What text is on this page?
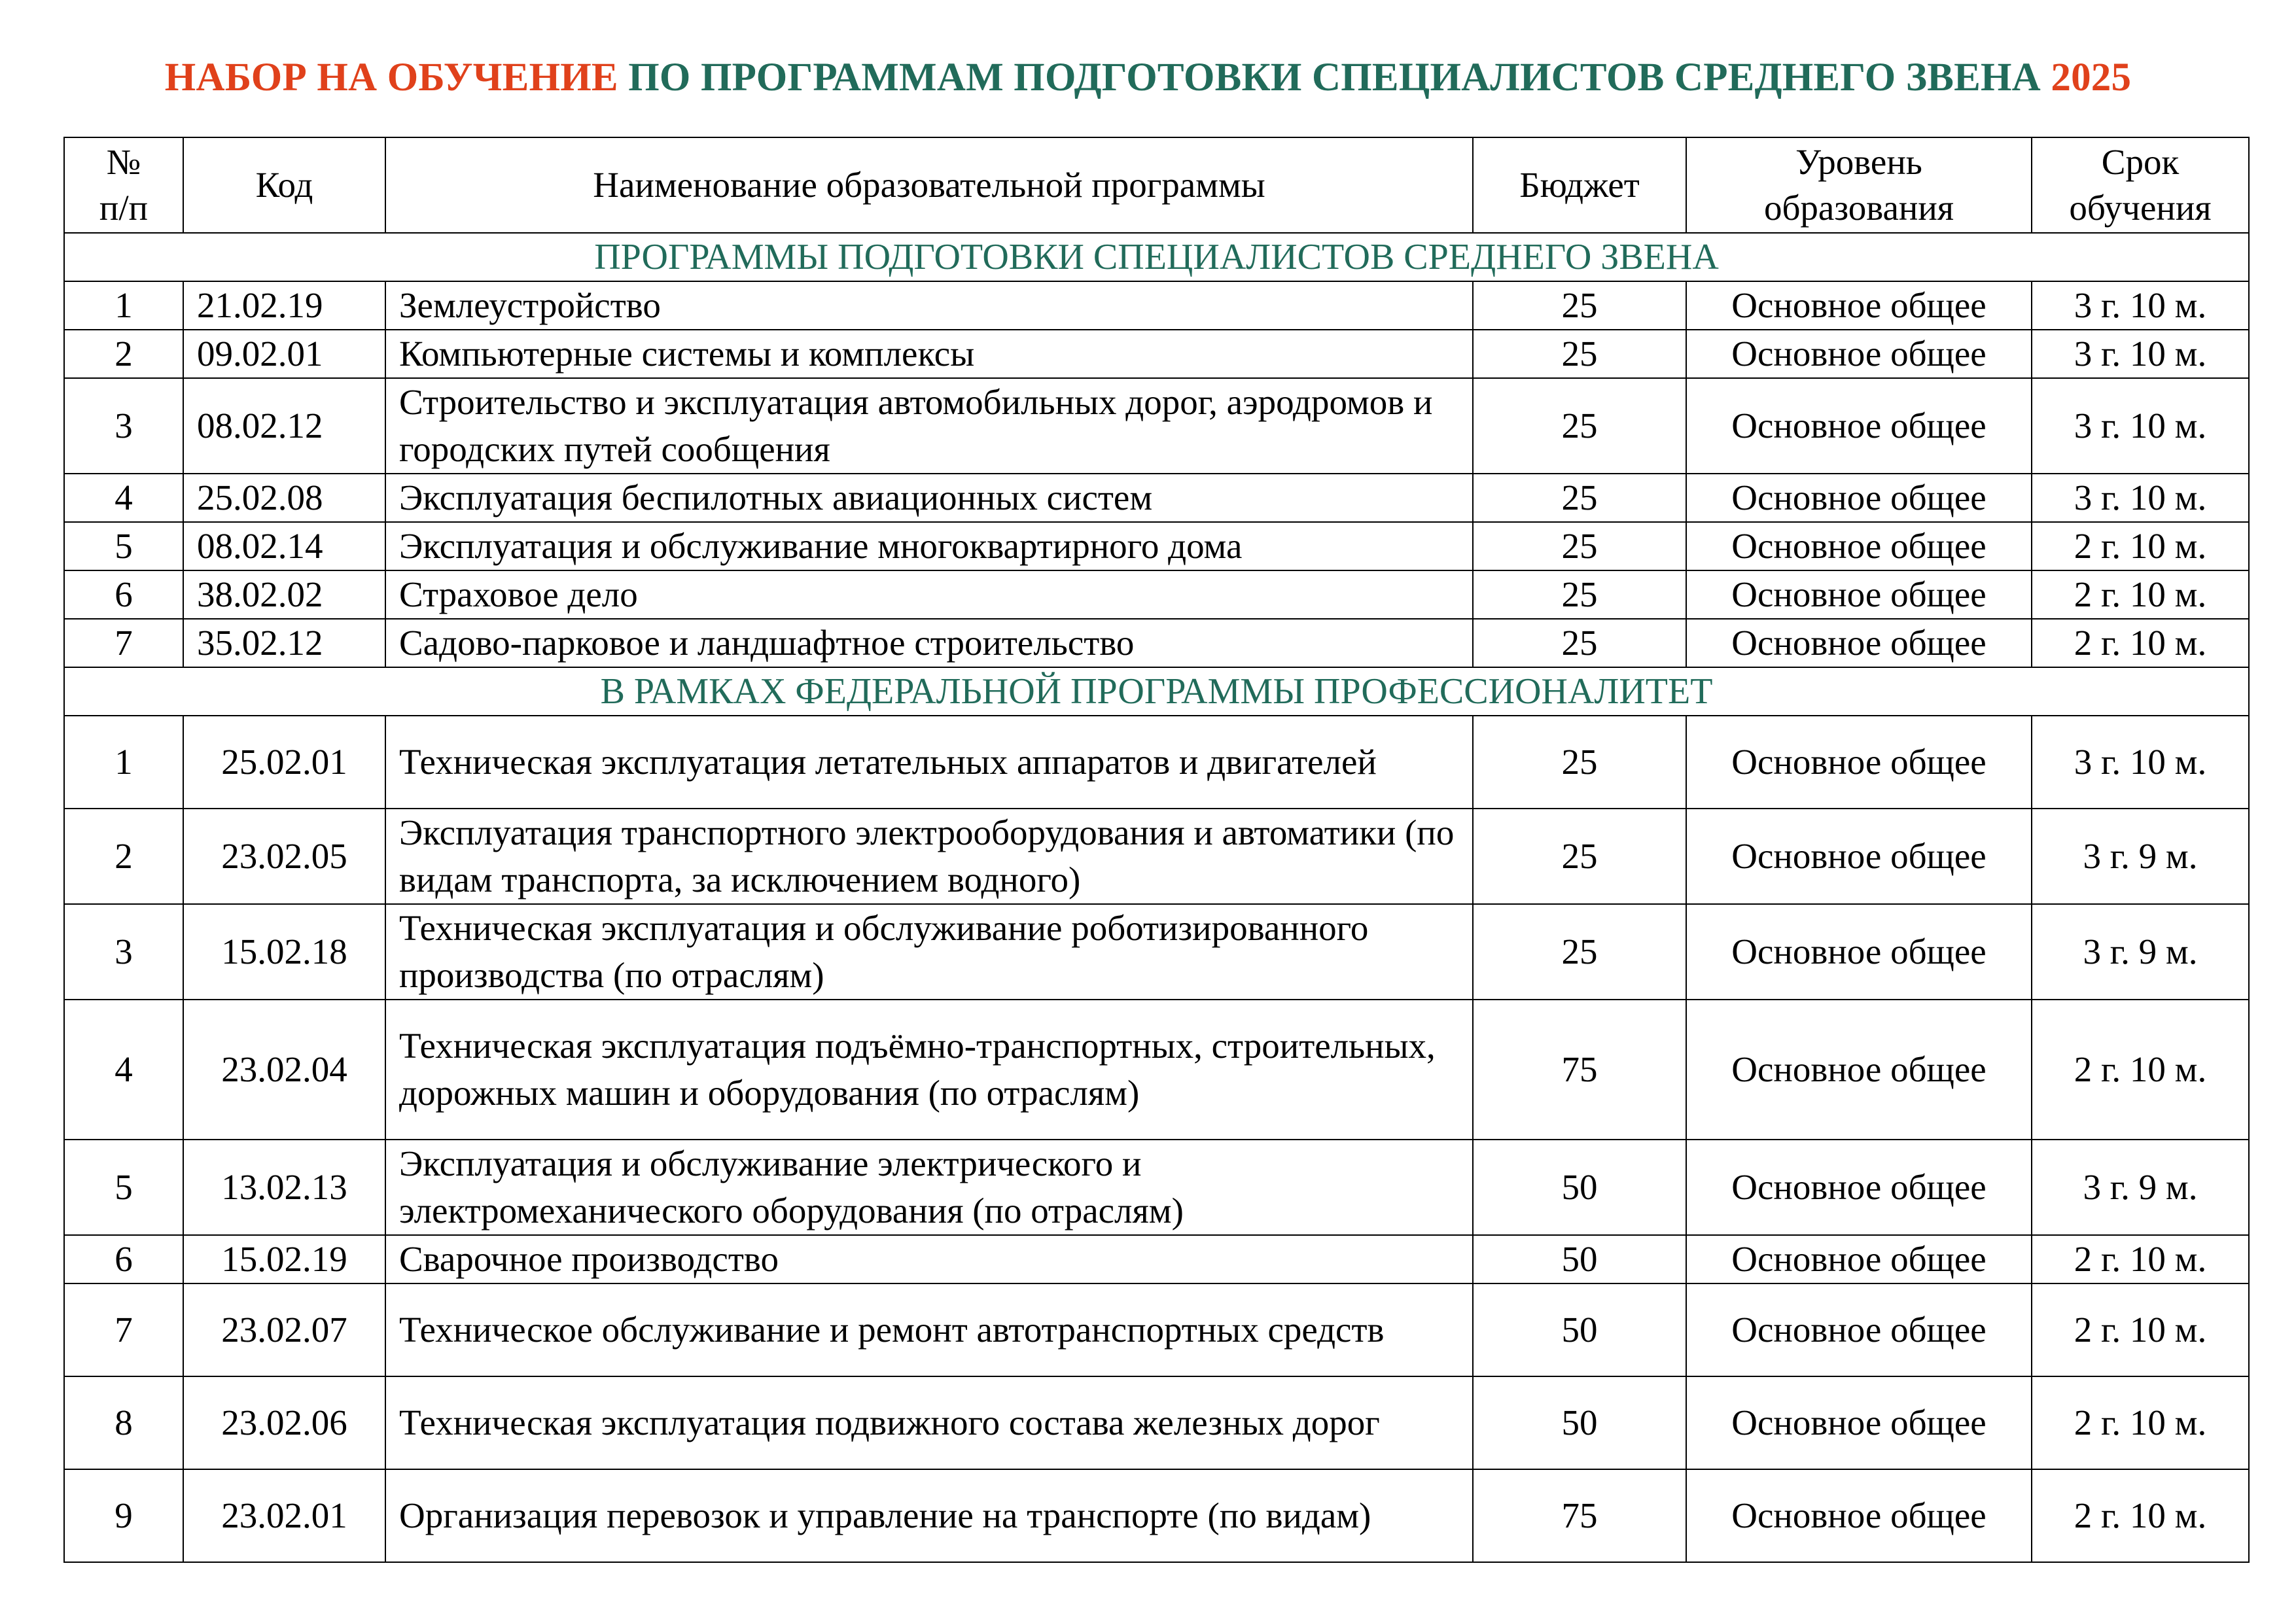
НАБОР НА ОБУЧЕНИЕ ПО ПРОГРАММАМ ПОДГОТОВКИ СПЕЦИАЛИСТОВ СРЕДНЕГО ЗВЕНА 2025
№ п/п	Код	Наименование образовательной программы	Бюджет	Уровень образования	Срок обучения
ПРОГРАММЫ ПОДГОТОВКИ СПЕЦИАЛИСТОВ СРЕДНЕГО ЗВЕНА					
1	21.02.19	Землеустройство	25	Основное общее	3 г. 10 м.
2	09.02.01	Компьютерные системы и комплексы	25	Основное общее	3 г. 10 м.
3	08.02.12	Строительство и эксплуатация автомобильных дорог, аэродромов и городских путей сообщения	25	Основное общее	3 г. 10 м.
4	25.02.08	Эксплуатация беспилотных авиационных систем	25	Основное общее	3 г. 10 м.
5	08.02.14	Эксплуатация и обслуживание многоквартирного дома	25	Основное общее	2 г. 10 м.
6	38.02.02	Страховое дело	25	Основное общее	2 г. 10 м.
7	35.02.12	Садово-парковое и ландшафтное строительство	25	Основное общее	2 г. 10 м.
В РАМКАХ ФЕДЕРАЛЬНОЙ ПРОГРАММЫ ПРОФЕССИОНАЛИТЕТ					
1	25.02.01	Техническая эксплуатация летательных аппаратов и двигателей	25	Основное общее	3 г. 10 м.
2	23.02.05	Эксплуатация транспортного электрооборудования и автоматики (по видам транспорта, за исключением водного)	25	Основное общее	3 г. 9 м.
3	15.02.18	Техническая эксплуатация и обслуживание роботизированного производства (по отраслям)	25	Основное общее	3 г. 9 м.
4	23.02.04	Техническая эксплуатация подъёмно-транспортных, строительных, дорожных машин и оборудования (по отраслям)	75	Основное общее	2 г. 10 м.
5	13.02.13	Эксплуатация и обслуживание электрического и электромеханического оборудования (по отраслям)	50	Основное общее	3 г. 9 м.
6	15.02.19	Сварочное производство	50	Основное общее	2 г. 10 м.
7	23.02.07	Техническое обслуживание и ремонт автотранспортных средств	50	Основное общее	2 г. 10 м.
8	23.02.06	Техническая эксплуатация подвижного состава железных дорог	50	Основное общее	2 г. 10 м.
9	23.02.01	Организация перевозок и управление на транспорте (по видам)	75	Основное общее	2 г. 10 м.
